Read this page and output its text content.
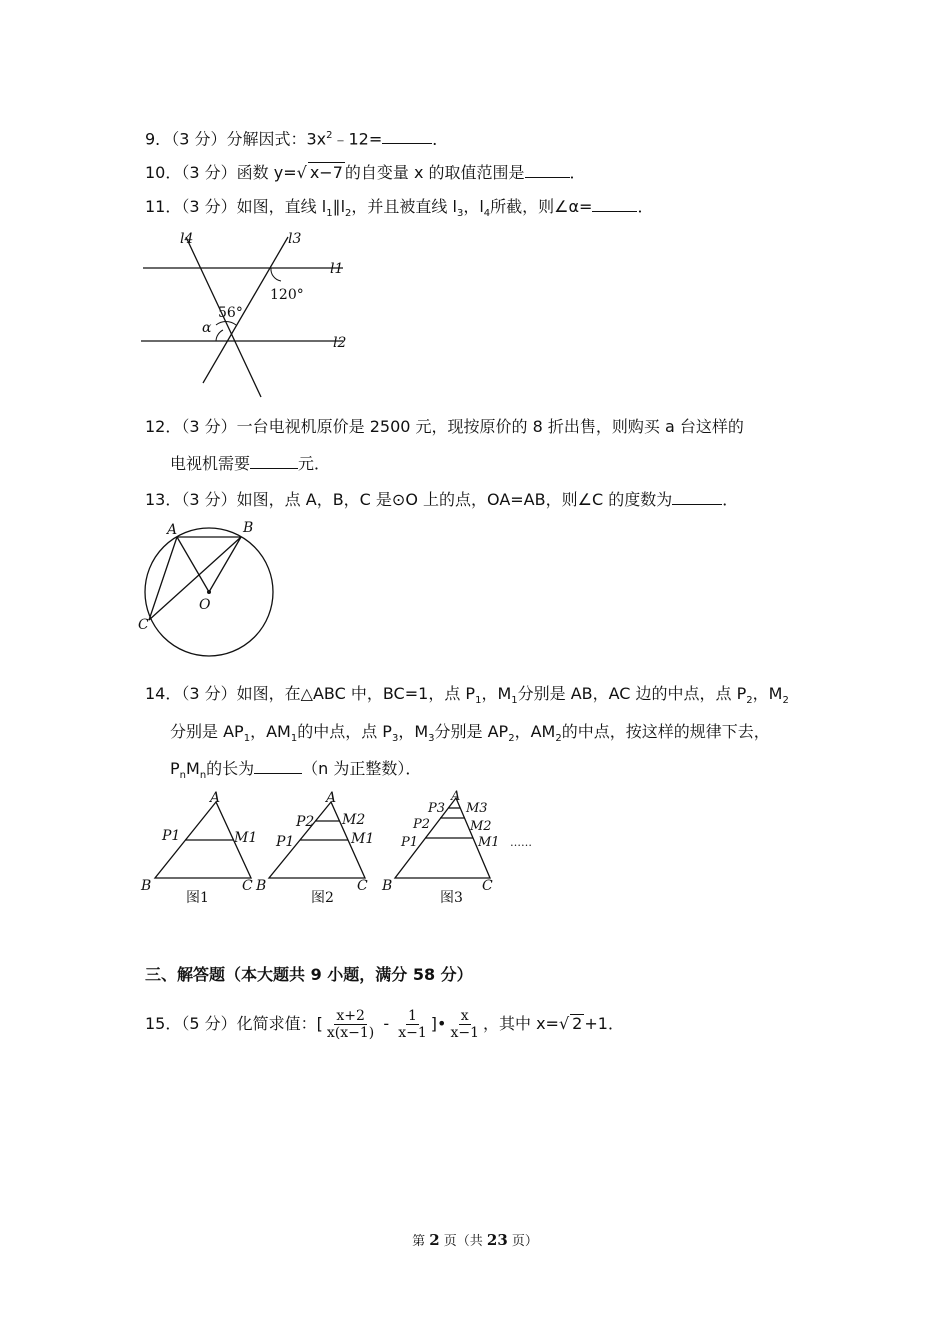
9．（3 分）分解因式：$3x^2﹣12=$	．
10．（3 分）函数 y=√ x−7 的自变量 x 的取值范围是	．
11．（3 分）如图，直线 $l_1\parallel l_2$，并且被直线 $l_3$，$l_4$所截，则∠α=	．
l4	l3
l1
l2
120°
56°
α
12．（3 分）一台电视机原价是 2500 元，现按原价的 8 折出售，则购买 a 台这样的
电视机需要	元．
13．（3 分）如图，点 A，B，C 是⊙O 上的点，OA=AB，则∠C 的度数为	．
A	B
C
O
14．（3 分）如图，在△ABC 中，BC=1，点 $P_1$，$M_1$分别是 AB，AC 边的中点，点 $P_2$，$M_2$
分别是 $AP_1$，$AM_1$的中点，点 $P_3$，$M_3$分别是 $AP_2$，$AM_2$的中点，按这样的规律下去，
$P_nM_n$的长为	（n 为正整数）．
A
P1	M1
B	C
图1
A
P2 M2
P1	M1
B	C
图2
A
P3 M3
P2	M2
P1	M1
B	C
图3
……
三、解答题（本大题共 9 小题，满分 58 分）
15．（5 分）化简求值：[ $\frac{x+2}{x(x-1)} - \frac{1}{x-1}$ ]• $\frac{x}{x-1}$ ，其中 x=√ 2 +1．
第 2 页（共 23 页）
